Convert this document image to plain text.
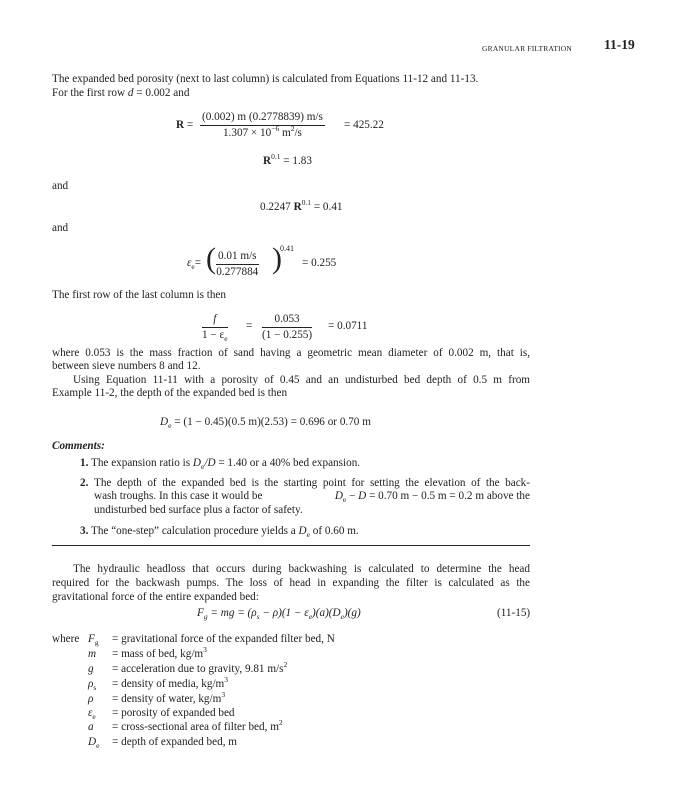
GRANULAR FILTRATION 11-19
The expanded bed porosity (next to last column) is calculated from Equations 11-12 and 11-13.
For the first row d = 0.002 and
$R = \frac{(0.002) m (0.2778839) m/s}{1.307 \times 10^{-6} m^2/s} = 425.22$
$R^{0.1} = 1.83$
and
0.2247 $R^{0.1} = 0.41$
and
$\varepsilon_e=$ ( $\frac{0.01 m/s}{0.277884}$ )
0.41
= 0.255
The first row of the last column is then
$\frac{f}{1 - \varepsilon_e} = \frac{0.053}{(1 - 0.255)} = 0.0711$
where 0.053 is the mass fraction of sand having a geometric mean diameter of 0.002 m, that is,
between sieve numbers 8 and 12.
Using Equation 11-11 with a porosity of 0.45 and an undisturbed bed depth of 0.5 m from
Example 11-2, the depth of the expanded bed is then
$D_e = (1 - 0.45)(0.5$ m)(2.53) = 0.696 or 0.70 m
Comments:
1. The expansion ratio is $D_e/D = 1.40$ or a 40% bed expansion.
2. The depth of the expanded bed is the starting point for setting the elevation of the back-
wash troughs. In this case it would be	$D_e - D = 0.70$ m − 0.5 m = 0.2 m above the
undisturbed bed surface plus a factor of safety.
3. The “one-step” calculation procedure yields a $D_e$ of 0.60 m.
The hydraulic headloss that occurs during backwashing is calculated to determine the head
required for the backwash pumps. The loss of head in expanding the filter is calculated as the
gravitational force of the entire expanded bed:
$F_g$ = mg = $(\rho_s - \rho)(1 - \varepsilon_e)(a)(D_e)(g)$	(11-15)
where $F_g$ = gravitational force of the expanded filter bed, N
m = mass of bed, $kg/m^3$
g = acceleration due to gravity, 9.81 $m/s^2$
$\rho_s$ = density of media, $kg/m^3$
ρ = density of water, $kg/m^3$
$\varepsilon_e$ = porosity of expanded bed
a = cross-sectional area of filter bed, $m^2$
$D_e$ = depth of expanded bed, m
